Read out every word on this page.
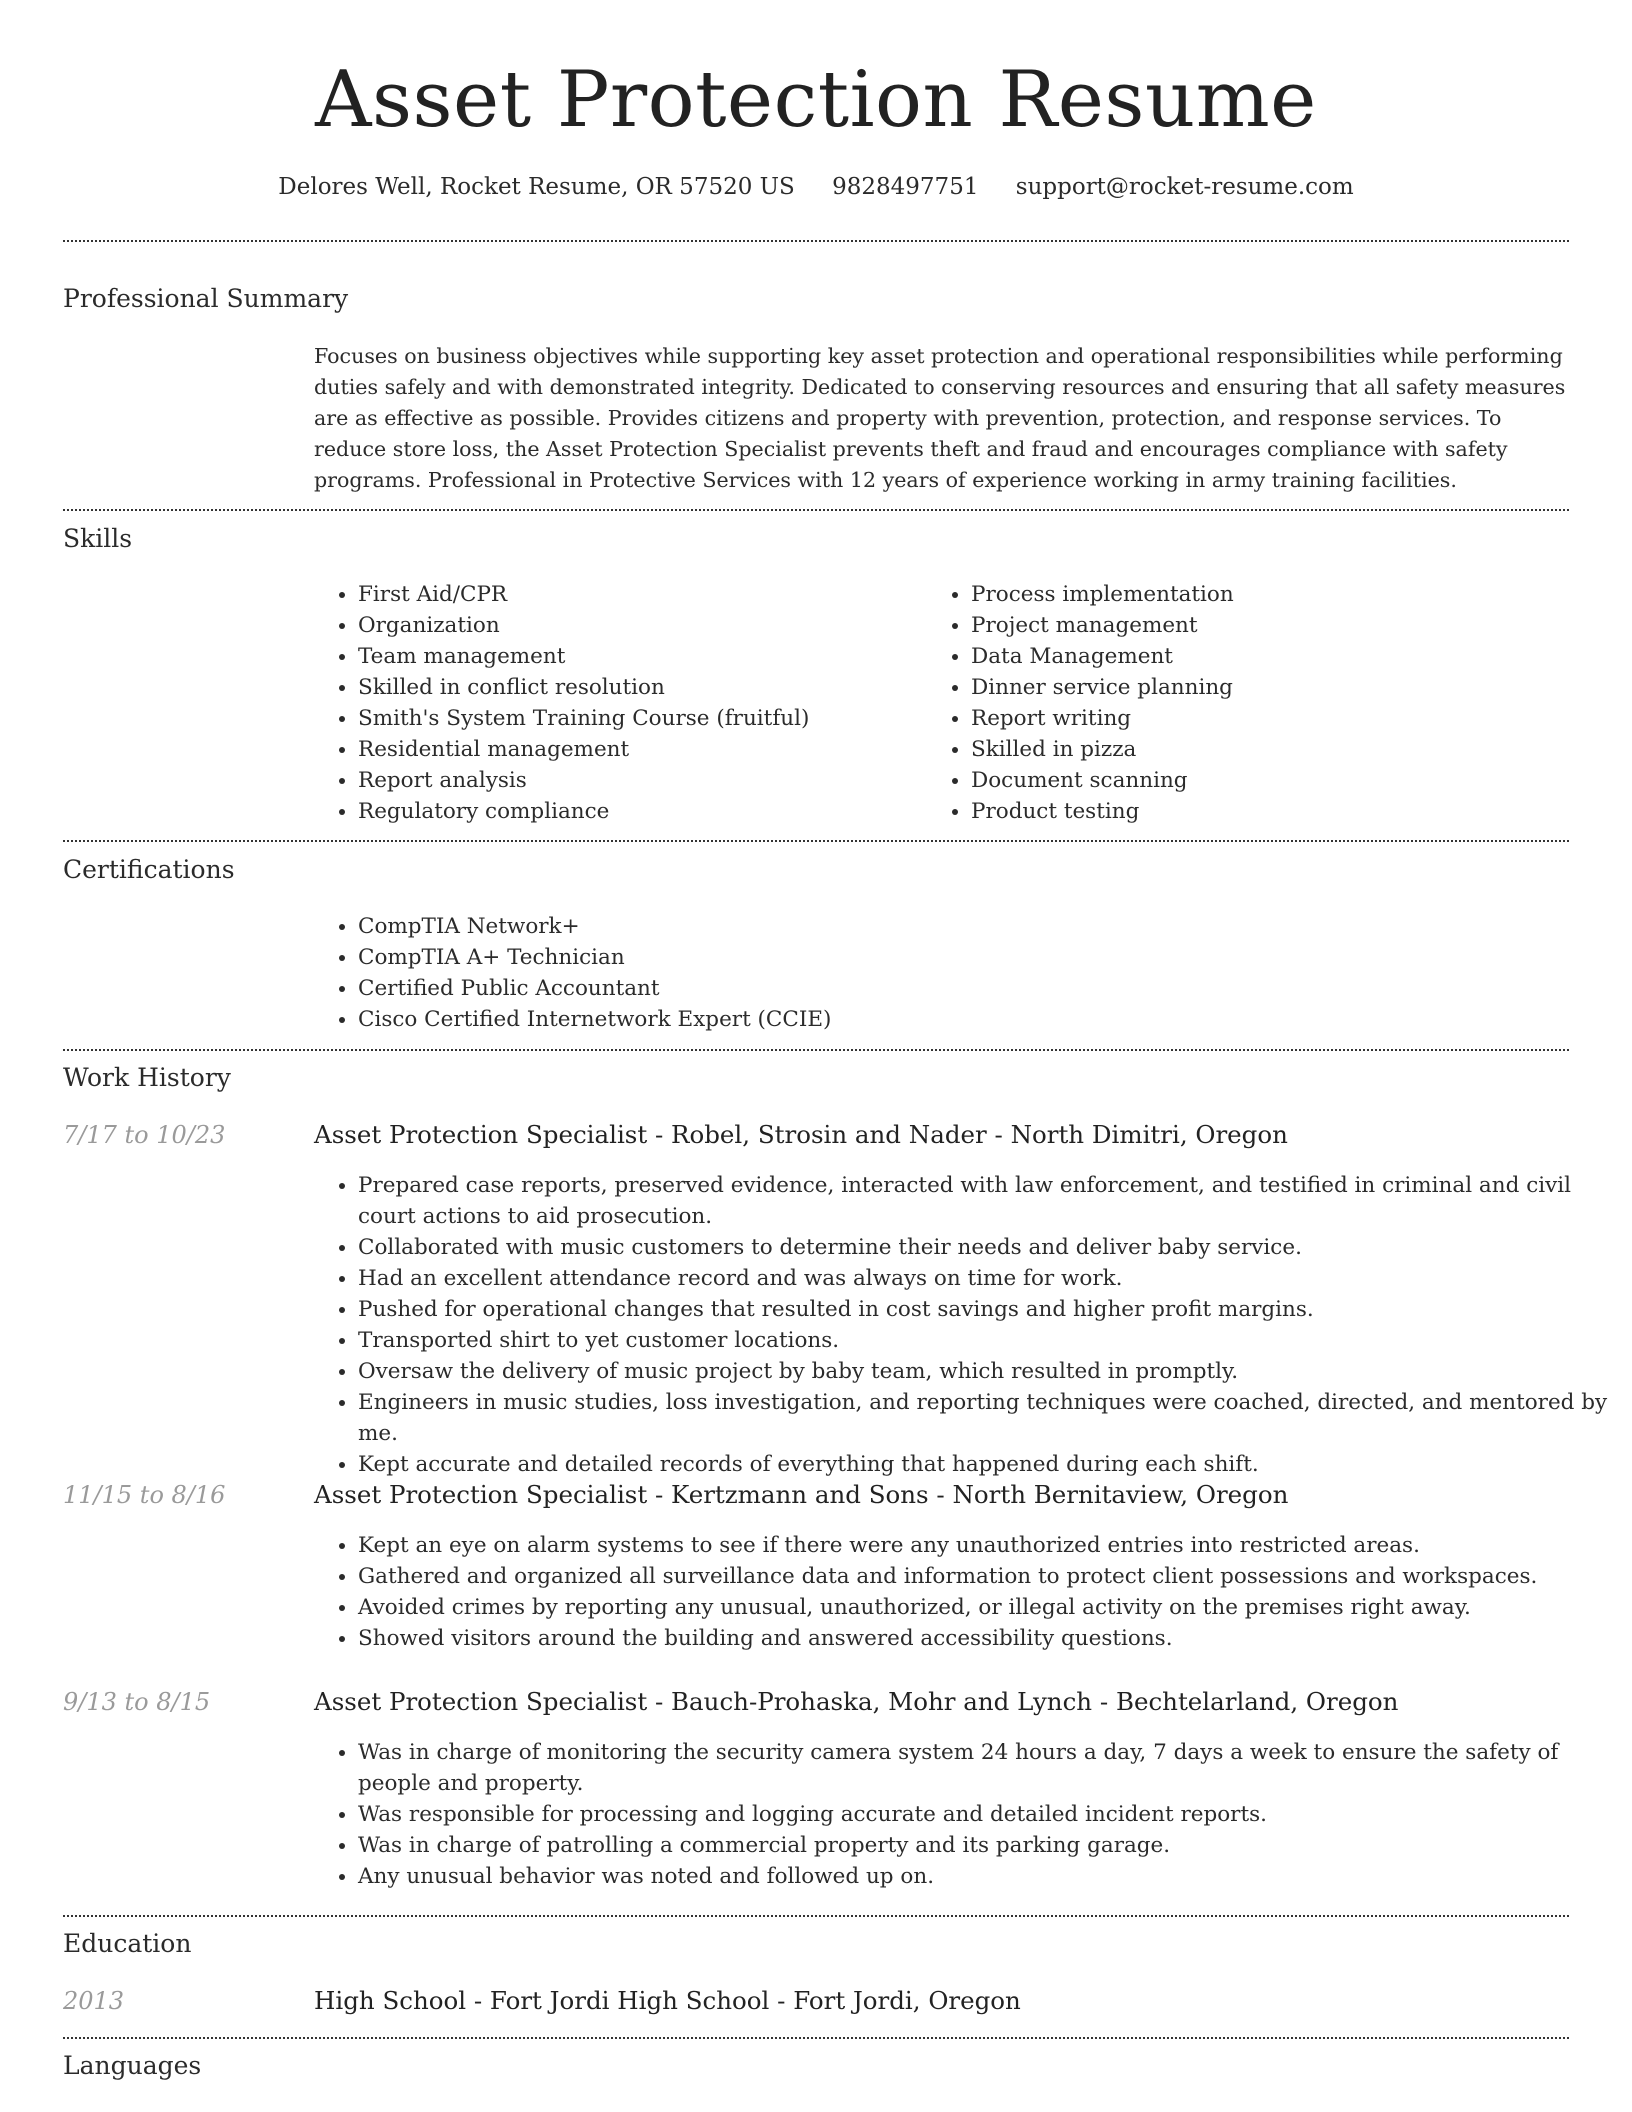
Asset Protection Resume
Delores Well, Rocket Resume, OR 57520 US 9828497751 support@rocket-resume.com
Professional Summary

Focuses on business objectives while supporting key asset protection and operational responsibilities while performing duties safely and with demonstrated integrity. Dedicated to conserving resources and ensuring that all safety measures are as effective as possible. Provides citizens and property with prevention, protection, and response services. To reduce store loss, the Asset Protection Specialist prevents theft and fraud and encourages compliance with safety programs. Professional in Protective Services with 12 years of experience working in army training facilities.

Skills
• First Aid/CPR
• Organization
• Team management
• Skilled in conflict resolution
• Smith's System Training Course (fruitful)
• Residential management
• Report analysis
• Regulatory compliance
• Process implementation
• Project management
• Data Management
• Dinner service planning
• Report writing
• Skilled in pizza
• Document scanning
• Product testing
Certifications
• CompTIA Network+
• CompTIA A+ Technician
• Certified Public Accountant
• Cisco Certified Internetwork Expert (CCIE)
Work History
7/17 to 10/23	Asset Protection Specialist - Robel, Strosin and Nader - North Dimitri, Oregon
• Prepared case reports, preserved evidence, interacted with law enforcement, and testified in criminal and civil court actions to aid prosecution.
• Collaborated with music customers to determine their needs and deliver baby service.
• Had an excellent attendance record and was always on time for work.
• Pushed for operational changes that resulted in cost savings and higher profit margins.
• Transported shirt to yet customer locations.
• Oversaw the delivery of music project by baby team, which resulted in promptly.
• Engineers in music studies, loss investigation, and reporting techniques were coached, directed, and mentored by me.
• Kept accurate and detailed records of everything that happened during each shift.
11/15 to 8/16	Asset Protection Specialist - Kertzmann and Sons - North Bernitaview, Oregon
• Kept an eye on alarm systems to see if there were any unauthorized entries into restricted areas.
• Gathered and organized all surveillance data and information to protect client possessions and workspaces.
• Avoided crimes by reporting any unusual, unauthorized, or illegal activity on the premises right away.
• Showed visitors around the building and answered accessibility questions.
9/13 to 8/15	Asset Protection Specialist - Bauch-Prohaska, Mohr and Lynch - Bechtelarland, Oregon
• Was in charge of monitoring the security camera system 24 hours a day, 7 days a week to ensure the safety of people and property.
• Was responsible for processing and logging accurate and detailed incident reports.
• Was in charge of patrolling a commercial property and its parking garage.
• Any unusual behavior was noted and followed up on.
Education
2013	High School - Fort Jordi High School - Fort Jordi, Oregon
Languages
